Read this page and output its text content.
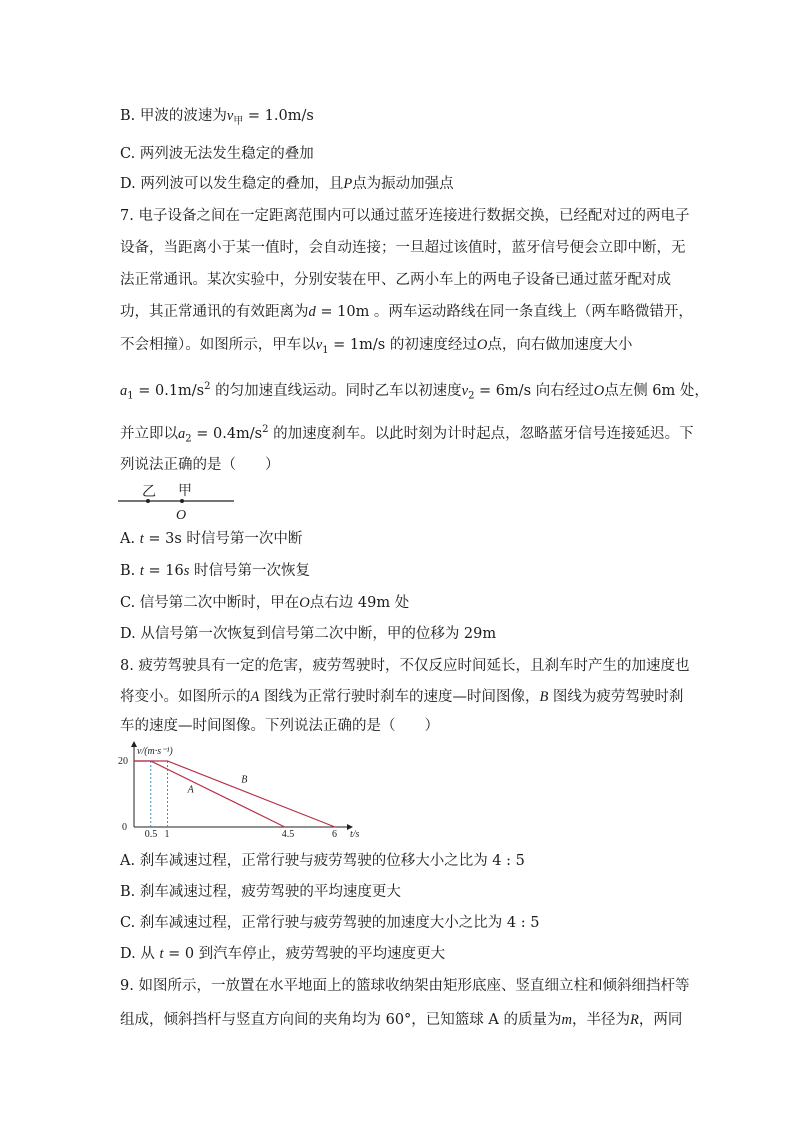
B. 甲波的波速为$v_甲 = 1.0m/s$
C. 两列波无法发生稳定的叠加
D. 两列波可以发生稳定的叠加，且P点为振动加强点
7. 电子设备之间在一定距离范围内可以通过蓝牙连接进行数据交换，已经配对过的两电子
设备，当距离小于某一值时，会自动连接；一旦超过该值时，蓝牙信号便会立即中断，无
法正常通讯。某次实验中，分别安装在甲、乙两小车上的两电子设备已通过蓝牙配对成
功，其正常通讯的有效距离为d = 10m 。两车运动路线在同一条直线上（两车略微错开，
不会相撞）。如图所示，甲车以$v_1 = 1m/s$ 的初速度经过O点，向右做加速度大小
$a_1 = 0.1m/s^2$ 的匀加速直线运动。同时乙车以初速度$v_2 = 6m/s$ 向右经过O点左侧 6m 处，
并立即以$a_2 = 0.4m/s^2$ 的加速度刹车。以此时刻为计时起点，忽略蓝牙信号连接延迟。下
列说法正确的是（　　）
乙 甲
O
A. t = 3s 时信号第一次中断
B. t = 16s 时信号第一次恢复
C. 信号第二次中断时，甲在O点右边 49m 处
D. 从信号第一次恢复到信号第二次中断，甲的位移为 29m
8. 疲劳驾驶具有一定的危害，疲劳驾驶时，不仅反应时间延长，且刹车时产生的加速度也
将变小。如图所示的A 图线为正常行驶时刹车的速度—时间图像，B 图线为疲劳驾驶时刹
车的速度—时间图像。下列说法正确的是（　　）
v/(m·s⁻¹)
t/s
0
A
B
20
0.5 1	4.5	6
A. 刹车减速过程，正常行驶与疲劳驾驶的位移大小之比为 4 : 5
B. 刹车减速过程，疲劳驾驶的平均速度更大
C. 刹车减速过程，正常行驶与疲劳驾驶的加速度大小之比为 4 : 5
D. 从 t = 0 到汽车停止，疲劳驾驶的平均速度更大
9. 如图所示，一放置在水平地面上的篮球收纳架由矩形底座、竖直细立柱和倾斜细挡杆等
组成，倾斜挡杆与竖直方向间的夹角均为 60°，已知篮球 A 的质量为m，半径为R，两同
